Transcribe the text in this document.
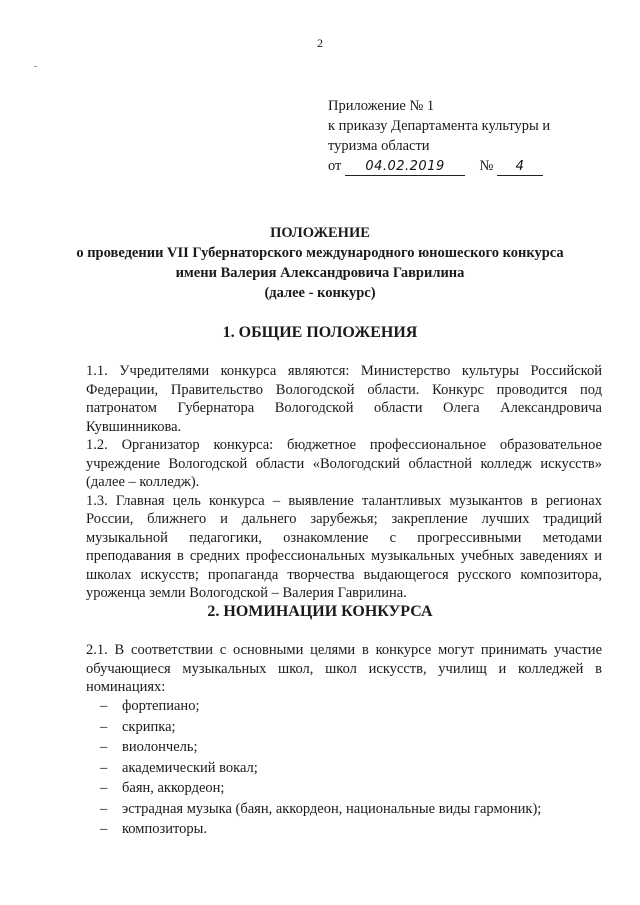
2
Приложение № 1
к приказу Департамента культуры и
туризма области
от 04.02.2019 № 4
ПОЛОЖЕНИЕ
о проведении VII Губернаторского международного юношеского конкурса
имени Валерия Александровича Гаврилина
(далее - конкурс)
1. ОБЩИЕ ПОЛОЖЕНИЯ

1.1. Учредителями конкурса являются: Министерство культуры Российской Федерации, Правительство Вологодской области. Конкурс проводится под патронатом Губернатора Вологодской области Олега Александровича Кувшинникова.

1.2. Организатор конкурса: бюджетное профессиональное образовательное учреждение Вологодской области «Вологодский областной колледж искусств» (далее – колледж).

1.3. Главная цель конкурса – выявление талантливых музыкантов в регионах России, ближнего и дальнего зарубежья; закрепление лучших традиций музыкальной педагогики, ознакомление с прогрессивными методами преподавания в средних профессиональных музыкальных учебных заведениях и школах искусств; пропаганда творчества выдающегося русского композитора, уроженца земли Вологодской – Валерия Гаврилина.

2. НОМИНАЦИИ КОНКУРСА

2.1. В соответствии с основными целями в конкурсе могут принимать участие обучающиеся музыкальных школ, школ искусств, училищ и колледжей в номинациях:

– фортепиано;
– скрипка;
– виолончель;
– академический вокал;
– баян, аккордеон;
– эстрадная музыка (баян, аккордеон, национальные виды гармоник);
– композиторы.
